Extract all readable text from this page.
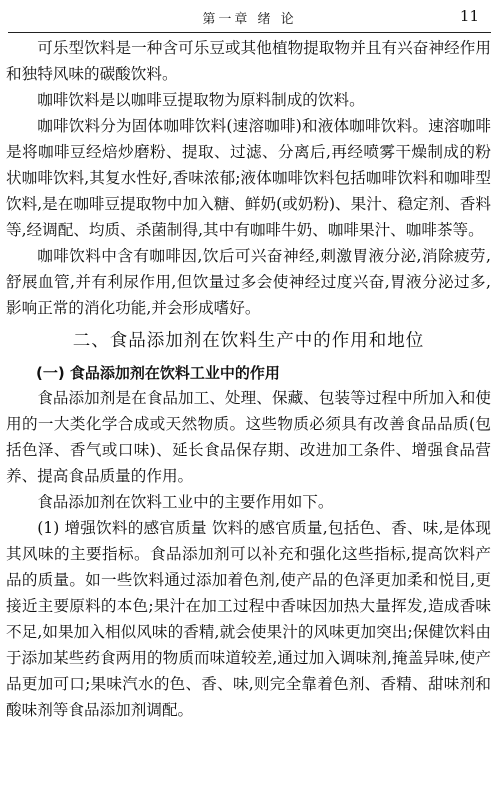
第一章 绪 论	11

可乐型饮料是一种含可乐豆或其他植物提取物并且有兴奋神经作用和独特风味的碳酸饮料。

咖啡饮料是以咖啡豆提取物为原料制成的饮料。

咖啡饮料分为固体咖啡饮料(速溶咖啡)和液体咖啡饮料。速溶咖啡是将咖啡豆经焙炒磨粉、提取、过滤、分离后,再经喷雾干燥制成的粉状咖啡饮料,其复水性好,香味浓郁;液体咖啡饮料包括咖啡饮料和咖啡型饮料,是在咖啡豆提取物中加入糖、鲜奶(或奶粉)、果汁、稳定剂、香料等,经调配、均质、杀菌制得,其中有咖啡牛奶、咖啡果汁、咖啡茶等。

咖啡饮料中含有咖啡因,饮后可兴奋神经,刺激胃液分泌,消除疲劳,舒展血管,并有利尿作用,但饮量过多会使神经过度兴奋,胃液分泌过多,影响正常的消化功能,并会形成嗜好。

二、食品添加剂在饮料生产中的作用和地位
(一) 食品添加剂在饮料工业中的作用

食品添加剂是在食品加工、处理、保藏、包装等过程中所加入和使用的一大类化学合成或天然物质。这些物质必须具有改善食品品质(包括色泽、香气或口味)、延长食品保存期、改进加工条件、增强食品营养、提高食品质量的作用。

食品添加剂在饮料工业中的主要作用如下。

(1) 增强饮料的感官质量 饮料的感官质量,包括色、香、味,是体现其风味的主要指标。食品添加剂可以补充和强化这些指标,提高饮料产品的质量。如一些饮料通过添加着色剂,使产品的色泽更加柔和悦目,更接近主要原料的本色;果汁在加工过程中香味因加热大量挥发,造成香味不足,如果加入相似风味的香精,就会使果汁的风味更加突出;保健饮料由于添加某些药食两用的物质而味道较差,通过加入调味剂,掩盖异味,使产品更加可口;果味汽水的色、香、味,则完全靠着色剂、香精、甜味剂和酸味剂等食品添加剂调配。
